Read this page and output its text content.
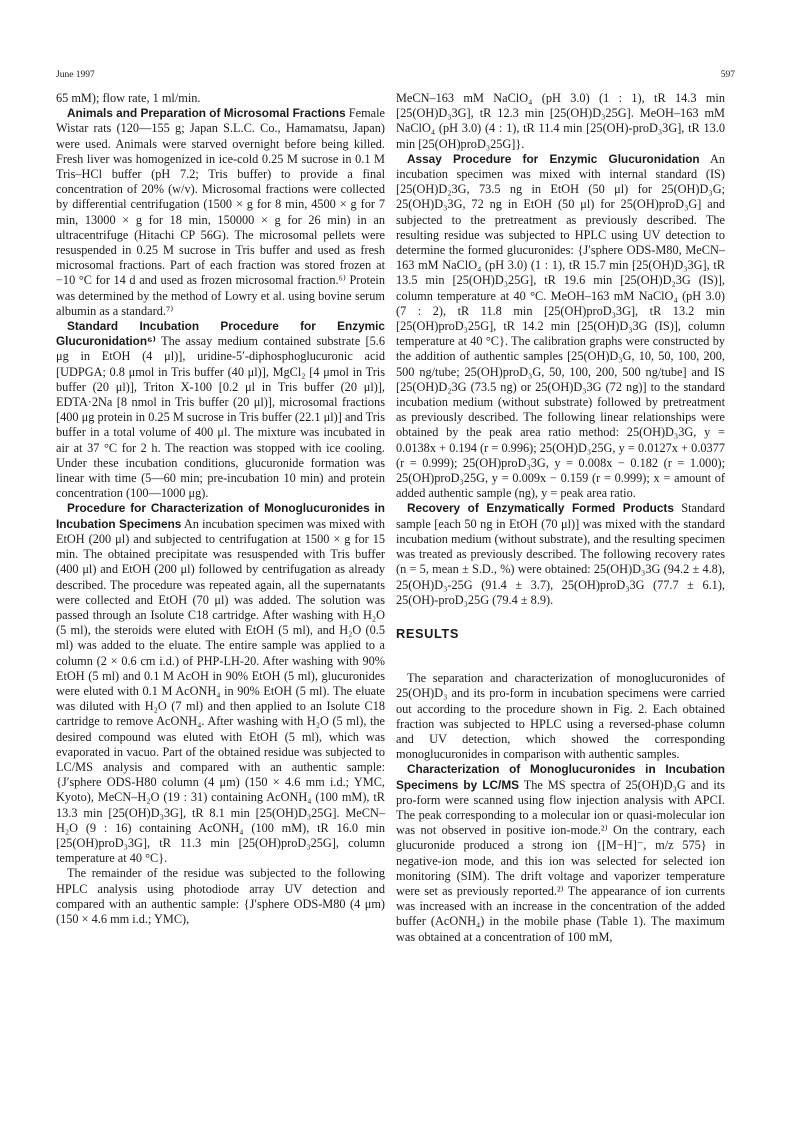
June 1997	597

65 mM); flow rate, 1 ml/min.

Animals and Preparation of Microsomal Fractions Female Wistar rats (120—155 g; Japan S.L.C. Co., Hamamatsu, Japan) were used. Animals were starved overnight before being killed. Fresh liver was homogenized in ice-cold 0.25 M sucrose in 0.1 M Tris–HCl buffer (pH 7.2; Tris buffer) to provide a final concentration of 20% (w/v). Microsomal fractions were collected by differential centrifugation (1500 × g for 8 min, 4500 × g for 7 min, 13000 × g for 18 min, 150000 × g for 26 min) in an ultracentrifuge (Hitachi CP 56G). The microsomal pellets were resuspended in 0.25 M sucrose in Tris buffer and used as fresh microsomal fractions. Part of each fraction was stored frozen at −10 °C for 14 d and used as frozen microsomal fraction.⁶⁾ Protein was determined by the method of Lowry et al. using bovine serum albumin as a standard.⁷⁾

Standard Incubation Procedure for Enzymic Glucuronidation⁶⁾ The assay medium contained substrate [5.6 μg in EtOH (4 μl)], uridine-5′-diphosphoglucuronic acid [UDPGA; 0.8 μmol in Tris buffer (40 μl)], MgCl₂ [4 μmol in Tris buffer (20 μl)], Triton X-100 [0.2 μl in Tris buffer (20 μl)], EDTA·2Na [8 nmol in Tris buffer (20 μl)], microsomal fractions [400 μg protein in 0.25 M sucrose in Tris buffer (22.1 μl)] and Tris buffer in a total volume of 400 μl. The mixture was incubated in air at 37 °C for 2 h. The reaction was stopped with ice cooling. Under these incubation conditions, glucuronide formation was linear with time (5—60 min; pre-incubation 10 min) and protein concentration (100—1000 μg).

Procedure for Characterization of Monoglucuronides in Incubation Specimens An incubation specimen was mixed with EtOH (200 μl) and subjected to centrifugation at 1500 × g for 15 min. The obtained precipitate was resuspended with Tris buffer (400 μl) and EtOH (200 μl) followed by centrifugation as already described. The procedure was repeated again, all the supernatants were collected and EtOH (70 μl) was added. The solution was passed through an Isolute C18 cartridge. After washing with H₂O (5 ml), the steroids were eluted with EtOH (5 ml), and H₂O (0.5 ml) was added to the eluate. The entire sample was applied to a column (2 × 0.6 cm i.d.) of PHP-LH-20. After washing with 90% EtOH (5 ml) and 0.1 M AcOH in 90% EtOH (5 ml), glucuronides were eluted with 0.1 M AcONH₄ in 90% EtOH (5 ml). The eluate was diluted with H₂O (7 ml) and then applied to an Isolute C18 cartridge to remove AcONH₄. After washing with H₂O (5 ml), the desired compound was eluted with EtOH (5 ml), which was evaporated in vacuo. Part of the obtained residue was subjected to LC/MS analysis and compared with an authentic sample: {J′sphere ODS-H80 column (4 μm) (150 × 4.6 mm i.d.; YMC, Kyoto), MeCN–H₂O (19 : 31) containing AcONH₄ (100 mM), tR 13.3 min [25(OH)D₃3G], tR 8.1 min [25(OH)D₃25G]. MeCN–H₂O (9 : 16) containing AcONH₄ (100 mM), tR 16.0 min [25(OH)proD₃3G], tR 11.3 min [25(OH)proD₃25G], column temperature at 40 °C}.

The remainder of the residue was subjected to the following HPLC analysis using photodiode array UV detection and compared with an authentic sample: {J′sphere ODS-M80 (4 μm) (150 × 4.6 mm i.d.; YMC),

MeCN–163 mM NaClO₄ (pH 3.0) (1 : 1), tR 14.3 min [25(OH)D₃3G], tR 12.3 min [25(OH)D₃25G]. MeOH–163 mM NaClO₄ (pH 3.0) (4 : 1), tR 11.4 min [25(OH)-proD₃3G], tR 13.0 min [25(OH)proD₃25G]}.

Assay Procedure for Enzymic Glucuronidation An incubation specimen was mixed with internal standard (IS) [25(OH)D₂3G, 73.5 ng in EtOH (50 μl) for 25(OH)D₃G; 25(OH)D₃3G, 72 ng in EtOH (50 μl) for 25(OH)proD₃G] and subjected to the pretreatment as previously described. The resulting residue was subjected to HPLC using UV detection to determine the formed glucuronides: {J′sphere ODS-M80, MeCN–163 mM NaClO₄ (pH 3.0) (1 : 1), tR 15.7 min [25(OH)D₃3G], tR 13.5 min [25(OH)D₃25G], tR 19.6 min [25(OH)D₂3G (IS)], column temperature at 40 °C. MeOH–163 mM NaClO₄ (pH 3.0) (7 : 2), tR 11.8 min [25(OH)proD₃3G], tR 13.2 min [25(OH)proD₃25G], tR 14.2 min [25(OH)D₃3G (IS)], column temperature at 40 °C}. The calibration graphs were constructed by the addition of authentic samples [25(OH)D₃G, 10, 50, 100, 200, 500 ng/tube; 25(OH)proD₃G, 50, 100, 200, 500 ng/tube] and IS [25(OH)D₂3G (73.5 ng) or 25(OH)D₃3G (72 ng)] to the standard incubation medium (without substrate) followed by pretreatment as previously described. The following linear relationships were obtained by the peak area ratio method: 25(OH)D₃3G, y = 0.0138x + 0.194 (r = 0.996); 25(OH)D₃25G, y = 0.0127x + 0.0377 (r = 0.999); 25(OH)proD₃3G, y = 0.008x − 0.182 (r = 1.000); 25(OH)proD₃25G, y = 0.009x − 0.159 (r = 0.999); x = amount of added authentic sample (ng), y = peak area ratio.

Recovery of Enzymatically Formed Products Standard sample [each 50 ng in EtOH (70 μl)] was mixed with the standard incubation medium (without substrate), and the resulting specimen was treated as previously described. The following recovery rates (n = 5, mean ± S.D., %) were obtained: 25(OH)D₃3G (94.2 ± 4.8), 25(OH)D₃-25G (91.4 ± 3.7), 25(OH)proD₃3G (77.7 ± 6.1), 25(OH)-proD₃25G (79.4 ± 8.9).

RESULTS

The separation and characterization of monoglucuronides of 25(OH)D₃ and its pro-form in incubation specimens were carried out according to the procedure shown in Fig. 2. Each obtained fraction was subjected to HPLC using a reversed-phase column and UV detection, which showed the corresponding monoglucuronides in comparison with authentic samples.

Characterization of Monoglucuronides in Incubation Specimens by LC/MS The MS spectra of 25(OH)D₃G and its pro-form were scanned using flow injection analysis with APCI. The peak corresponding to a molecular ion or quasi-molecular ion was not observed in positive ion-mode.²⁾ On the contrary, each glucuronide produced a strong ion {[M−H]⁻, m/z 575} in negative-ion mode, and this ion was selected for selected ion monitoring (SIM). The drift voltage and vaporizer temperature were set as previously reported.²⁾ The appearance of ion currents was increased with an increase in the concentration of the added buffer (AcONH₄) in the mobile phase (Table 1). The maximum was obtained at a concentration of 100 mM,
